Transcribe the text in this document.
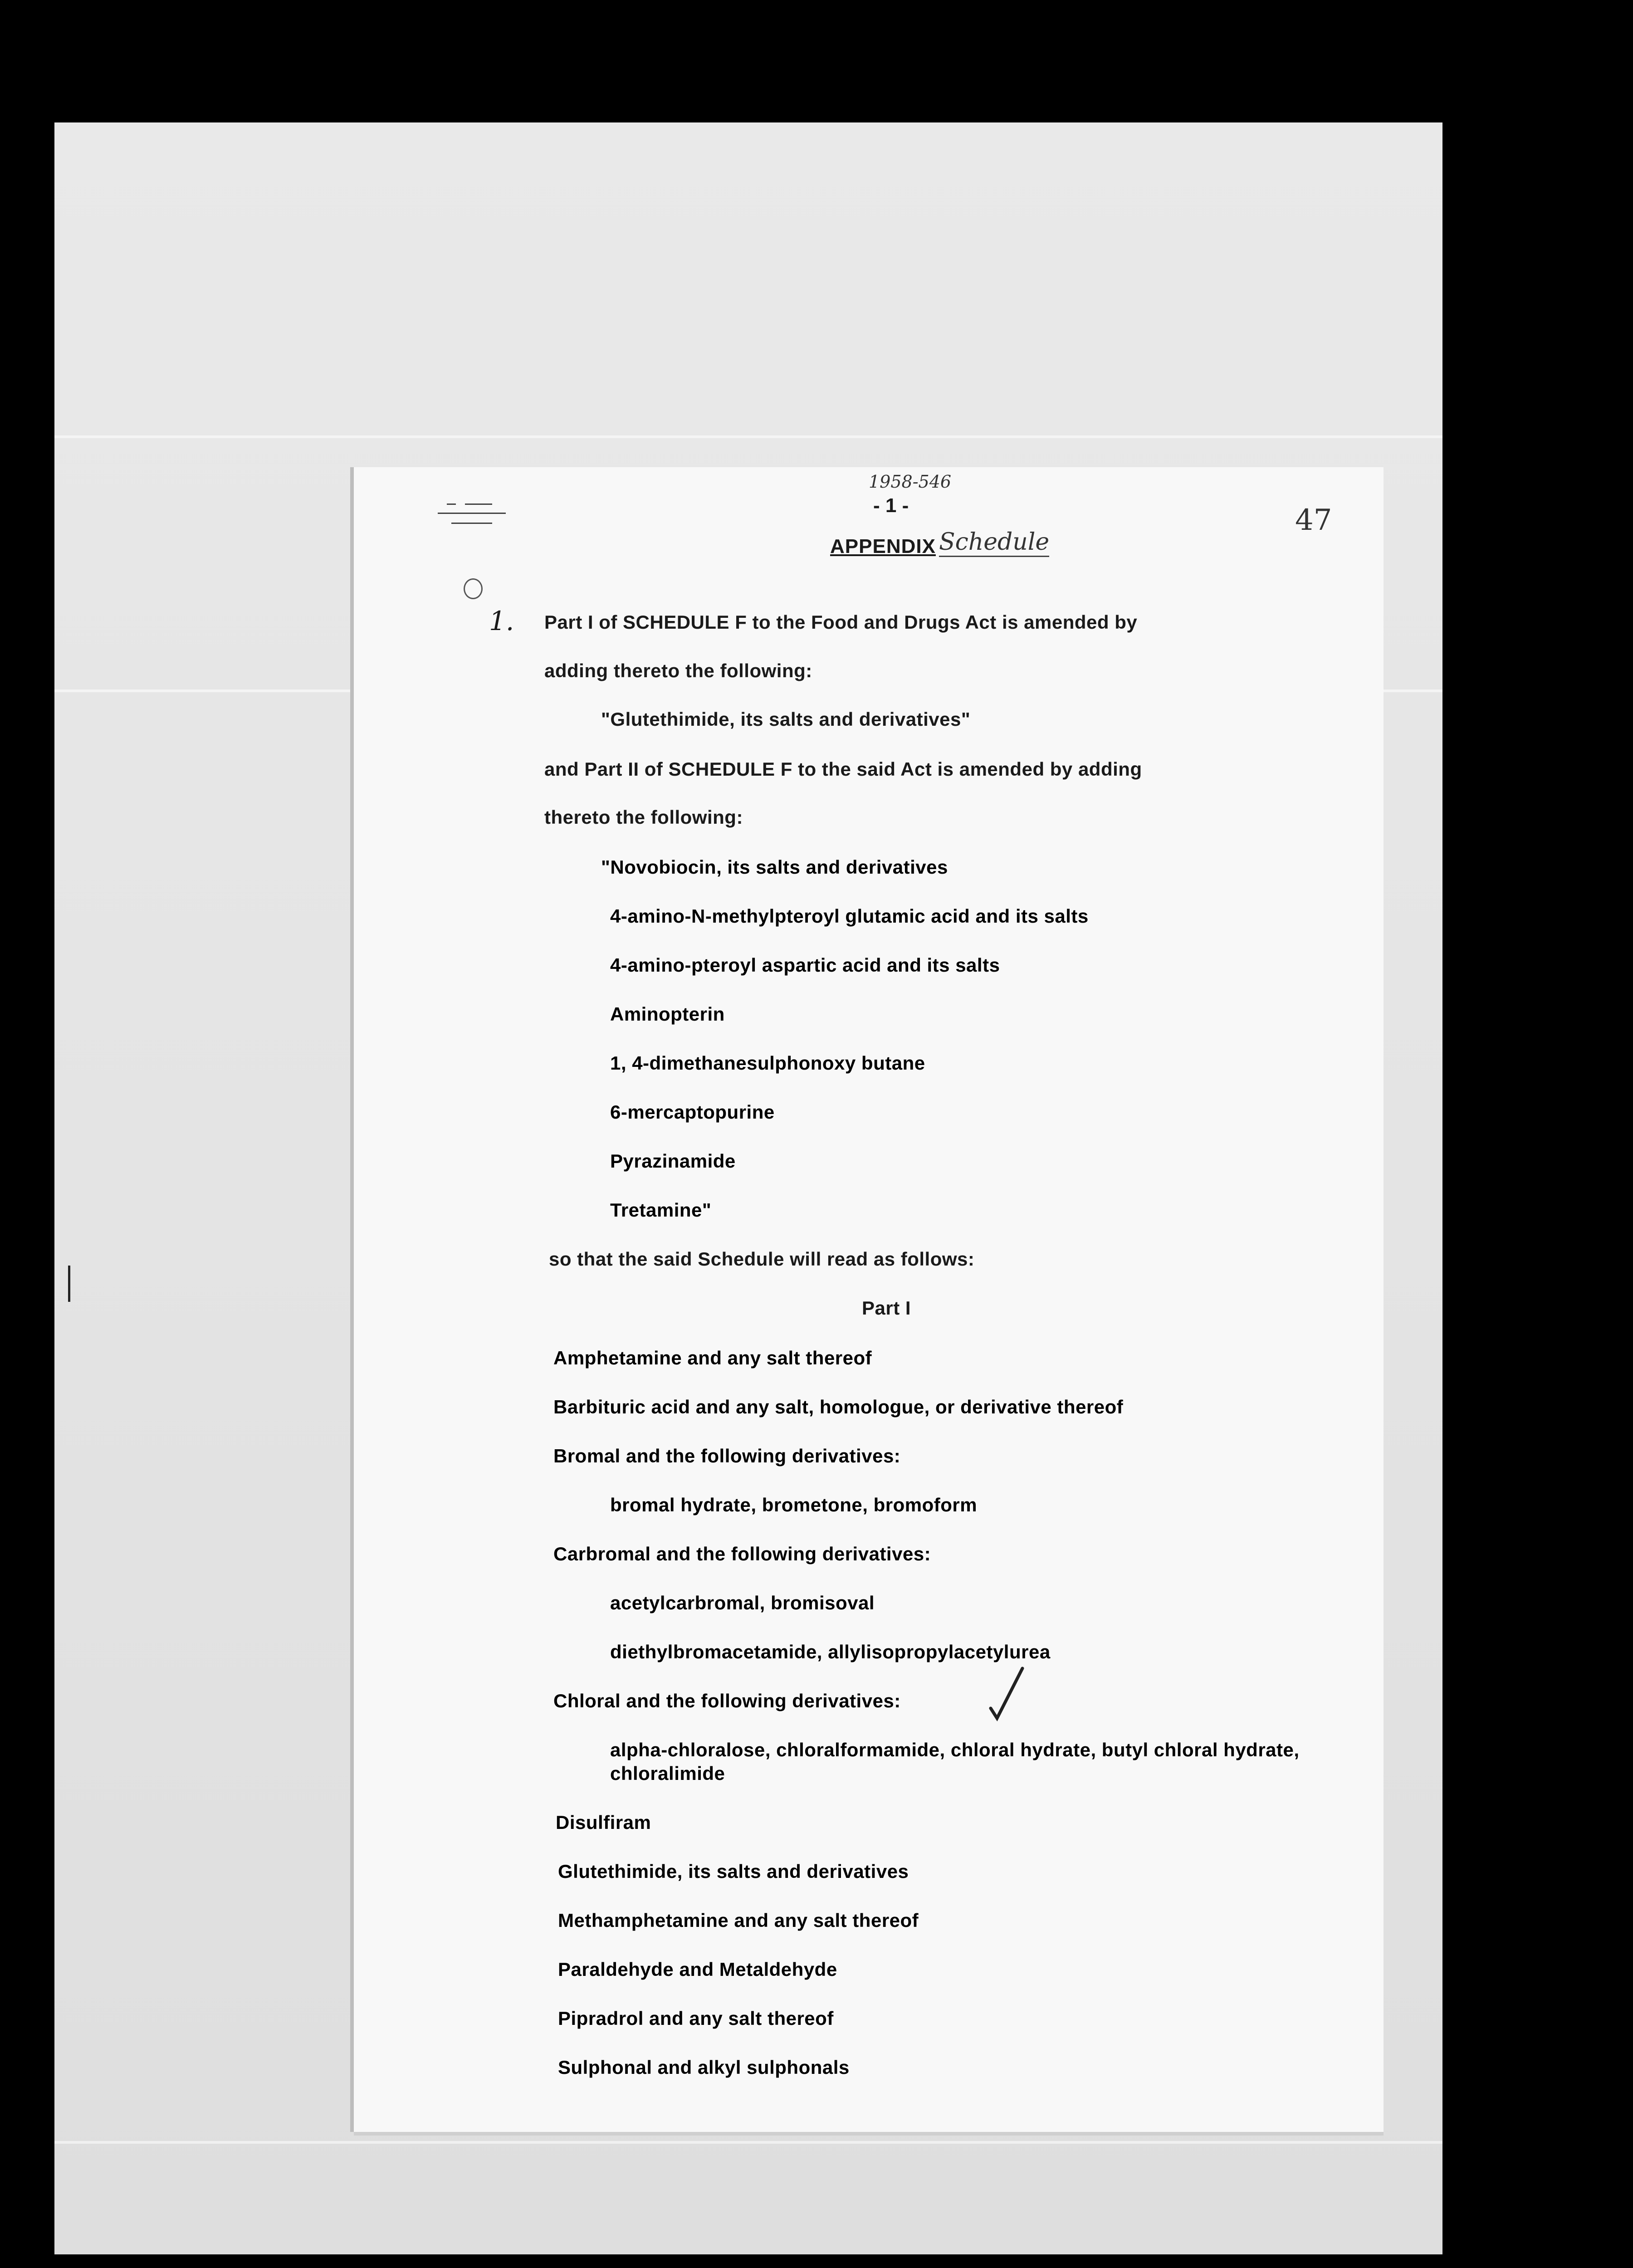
1958-546
- 1 -	47
APPENDIX Schedule
1. Part I of SCHEDULE F to the Food and Drugs Act is amended by
adding thereto the following:
"Glutethimide, its salts and derivatives"
and Part II of SCHEDULE F to the said Act is amended by adding
thereto the following:
"Novobiocin, its salts and derivatives
4-amino-N-methylpteroyl glutamic acid and its salts
4-amino-pteroyl aspartic acid and its salts
Aminopterin
1, 4-dimethanesulphonoxy butane
6-mercaptopurine
Pyrazinamide
Tretamine"
so that the said Schedule will read as follows:
Part I
Amphetamine and any salt thereof
Barbituric acid and any salt, homologue, or derivative thereof
Bromal and the following derivatives:
bromal hydrate, brometone, bromoform
Carbromal and the following derivatives:
acetylcarbromal, bromisoval
diethylbromacetamide, allylisopropylacetylurea
Chloral and the following derivatives:
alpha-chloralose, chloralformamide, chloral hydrate, butyl chloral hydrate,
chloralimide
Disulfiram
Glutethimide, its salts and derivatives
Methamphetamine and any salt thereof
Paraldehyde and Metaldehyde
Pipradrol and any salt thereof
Sulphonal and alkyl sulphonals
